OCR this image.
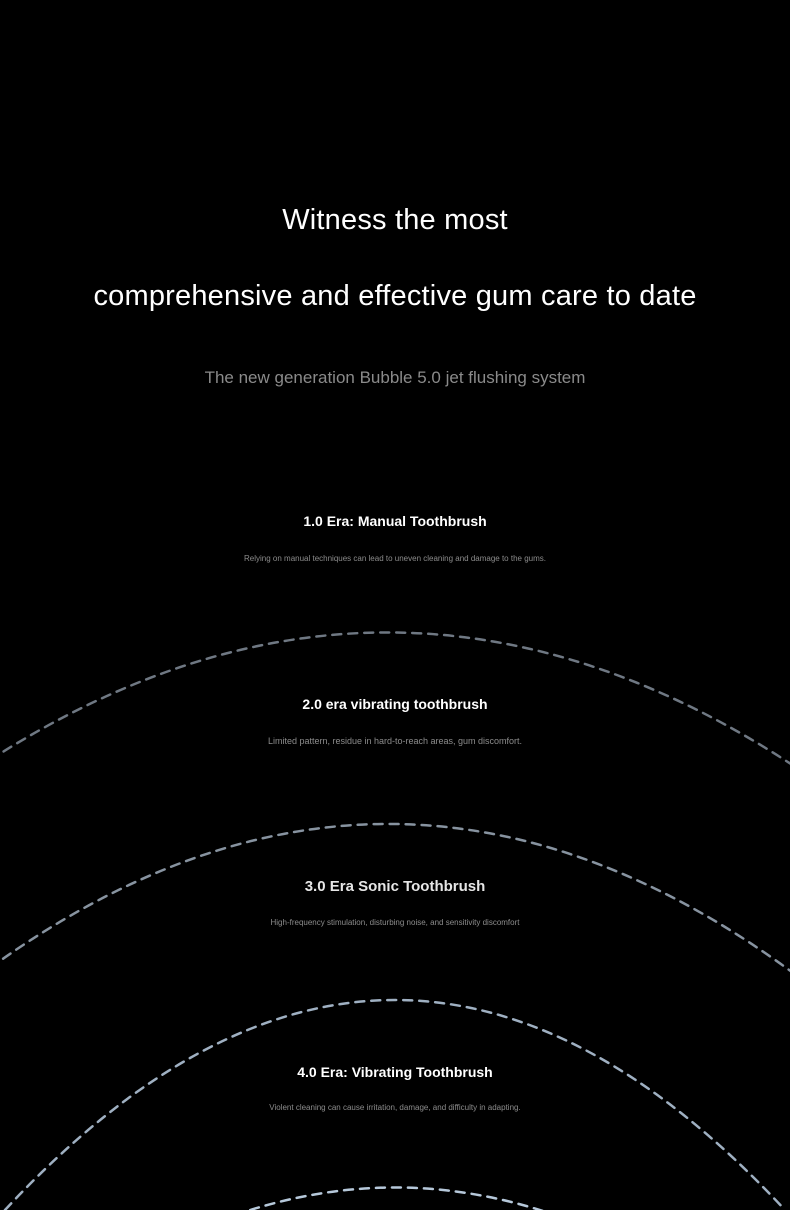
Witness the most
comprehensive and effective gum care to date

The new generation Bubble 5.0 jet flushing system

1.0 Era: Manual Toothbrush

Relying on manual techniques can lead to uneven cleaning and damage to the gums.

2.0 era vibrating toothbrush

Limited pattern, residue in hard-to-reach areas, gum discomfort.

3.0 Era Sonic Toothbrush

High-frequency stimulation, disturbing noise, and sensitivity discomfort

4.0 Era: Vibrating Toothbrush

Violent cleaning can cause irritation, damage, and difficulty in adapting.
